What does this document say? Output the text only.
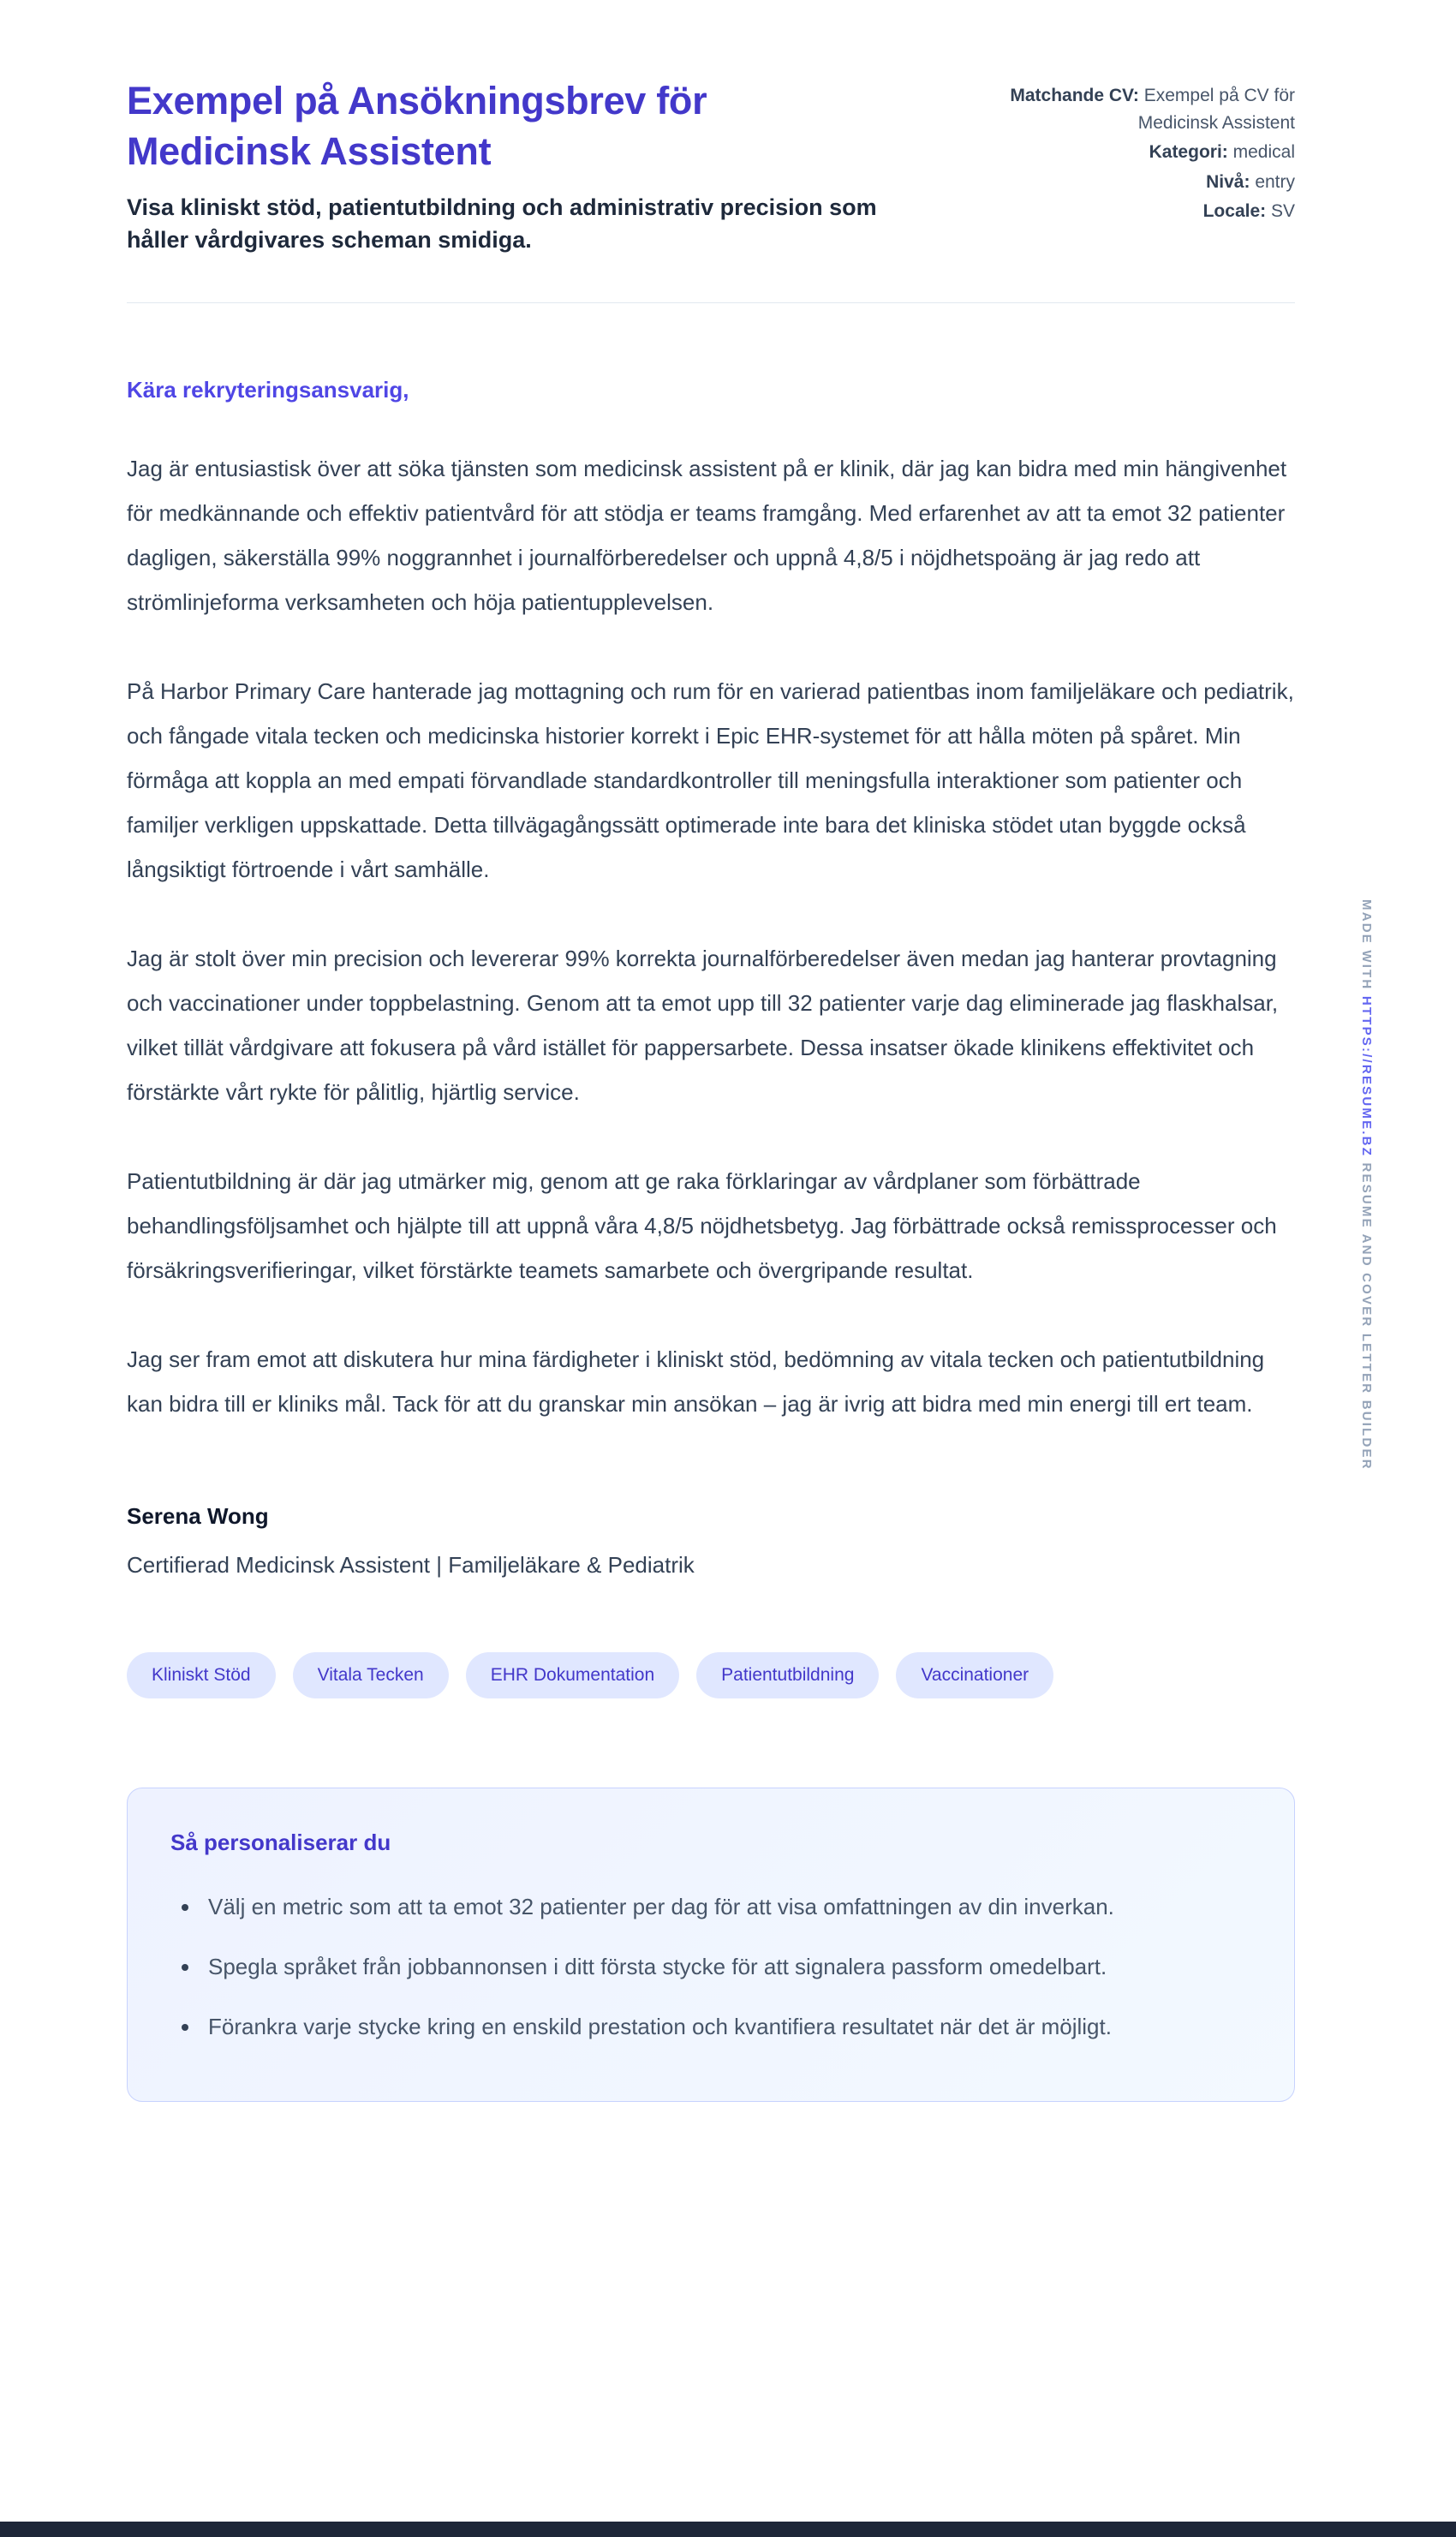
Exempel på Ansökningsbrev för Medicinsk Assistent
Visa kliniskt stöd, patientutbildning och administrativ precision som håller vårdgivares scheman smidiga.
Matchande CV: Exempel på CV för Medicinsk Assistent
Kategori: medical
Nivå: entry
Locale: SV
Kära rekryteringsansvarig,

Jag är entusiastisk över att söka tjänsten som medicinsk assistent på er klinik, där jag kan bidra med min hängivenhet för medkännande och effektiv patientvård för att stödja er teams framgång. Med erfarenhet av att ta emot 32 patienter dagligen, säkerställa 99% noggrannhet i journalförberedelser och uppnå 4,8/5 i nöjdhetspoäng är jag redo att strömlinjeforma verksamheten och höja patientupplevelsen.

På Harbor Primary Care hanterade jag mottagning och rum för en varierad patientbas inom familjeläkare och pediatrik, och fångade vitala tecken och medicinska historier korrekt i Epic EHR-systemet för att hålla möten på spåret. Min förmåga att koppla an med empati förvandlade standardkontroller till meningsfulla interaktioner som patienter och familjer verkligen uppskattade. Detta tillvägagångssätt optimerade inte bara det kliniska stödet utan byggde också långsiktigt förtroende i vårt samhälle.

Jag är stolt över min precision och levererar 99% korrekta journalförberedelser även medan jag hanterar provtagning och vaccinationer under toppbelastning. Genom att ta emot upp till 32 patienter varje dag eliminerade jag flaskhalsar, vilket tillät vårdgivare att fokusera på vård istället för pappersarbete. Dessa insatser ökade klinikens effektivitet och förstärkte vårt rykte för pålitlig, hjärtlig service.

Patientutbildning är där jag utmärker mig, genom att ge raka förklaringar av vårdplaner som förbättrade behandlingsföljsamhet och hjälpte till att uppnå våra 4,8/5 nöjdhetsbetyg. Jag förbättrade också remissprocesser och försäkringsverifieringar, vilket förstärkte teamets samarbete och övergripande resultat.

Jag ser fram emot att diskutera hur mina färdigheter i kliniskt stöd, bedömning av vitala tecken och patientutbildning kan bidra till er kliniks mål. Tack för att du granskar min ansökan – jag är ivrig att bidra med min energi till ert team.

Serena Wong
Certifierad Medicinsk Assistent | Familjeläkare & Pediatrik
Kliniskt Stöd	Vitala Tecken	EHR Dokumentation	Patientutbildning	Vaccinationer
Så personaliserar du
• Välj en metric som att ta emot 32 patienter per dag för att visa omfattningen av din inverkan.
• Spegla språket från jobbannonsen i ditt första stycke för att signalera passform omedelbart.
• Förankra varje stycke kring en enskild prestation och kvantifiera resultatet när det är möjligt.
MADE WITH HTTPS://RESUME.BZ RESUME AND COVER LETTER BUILDER
